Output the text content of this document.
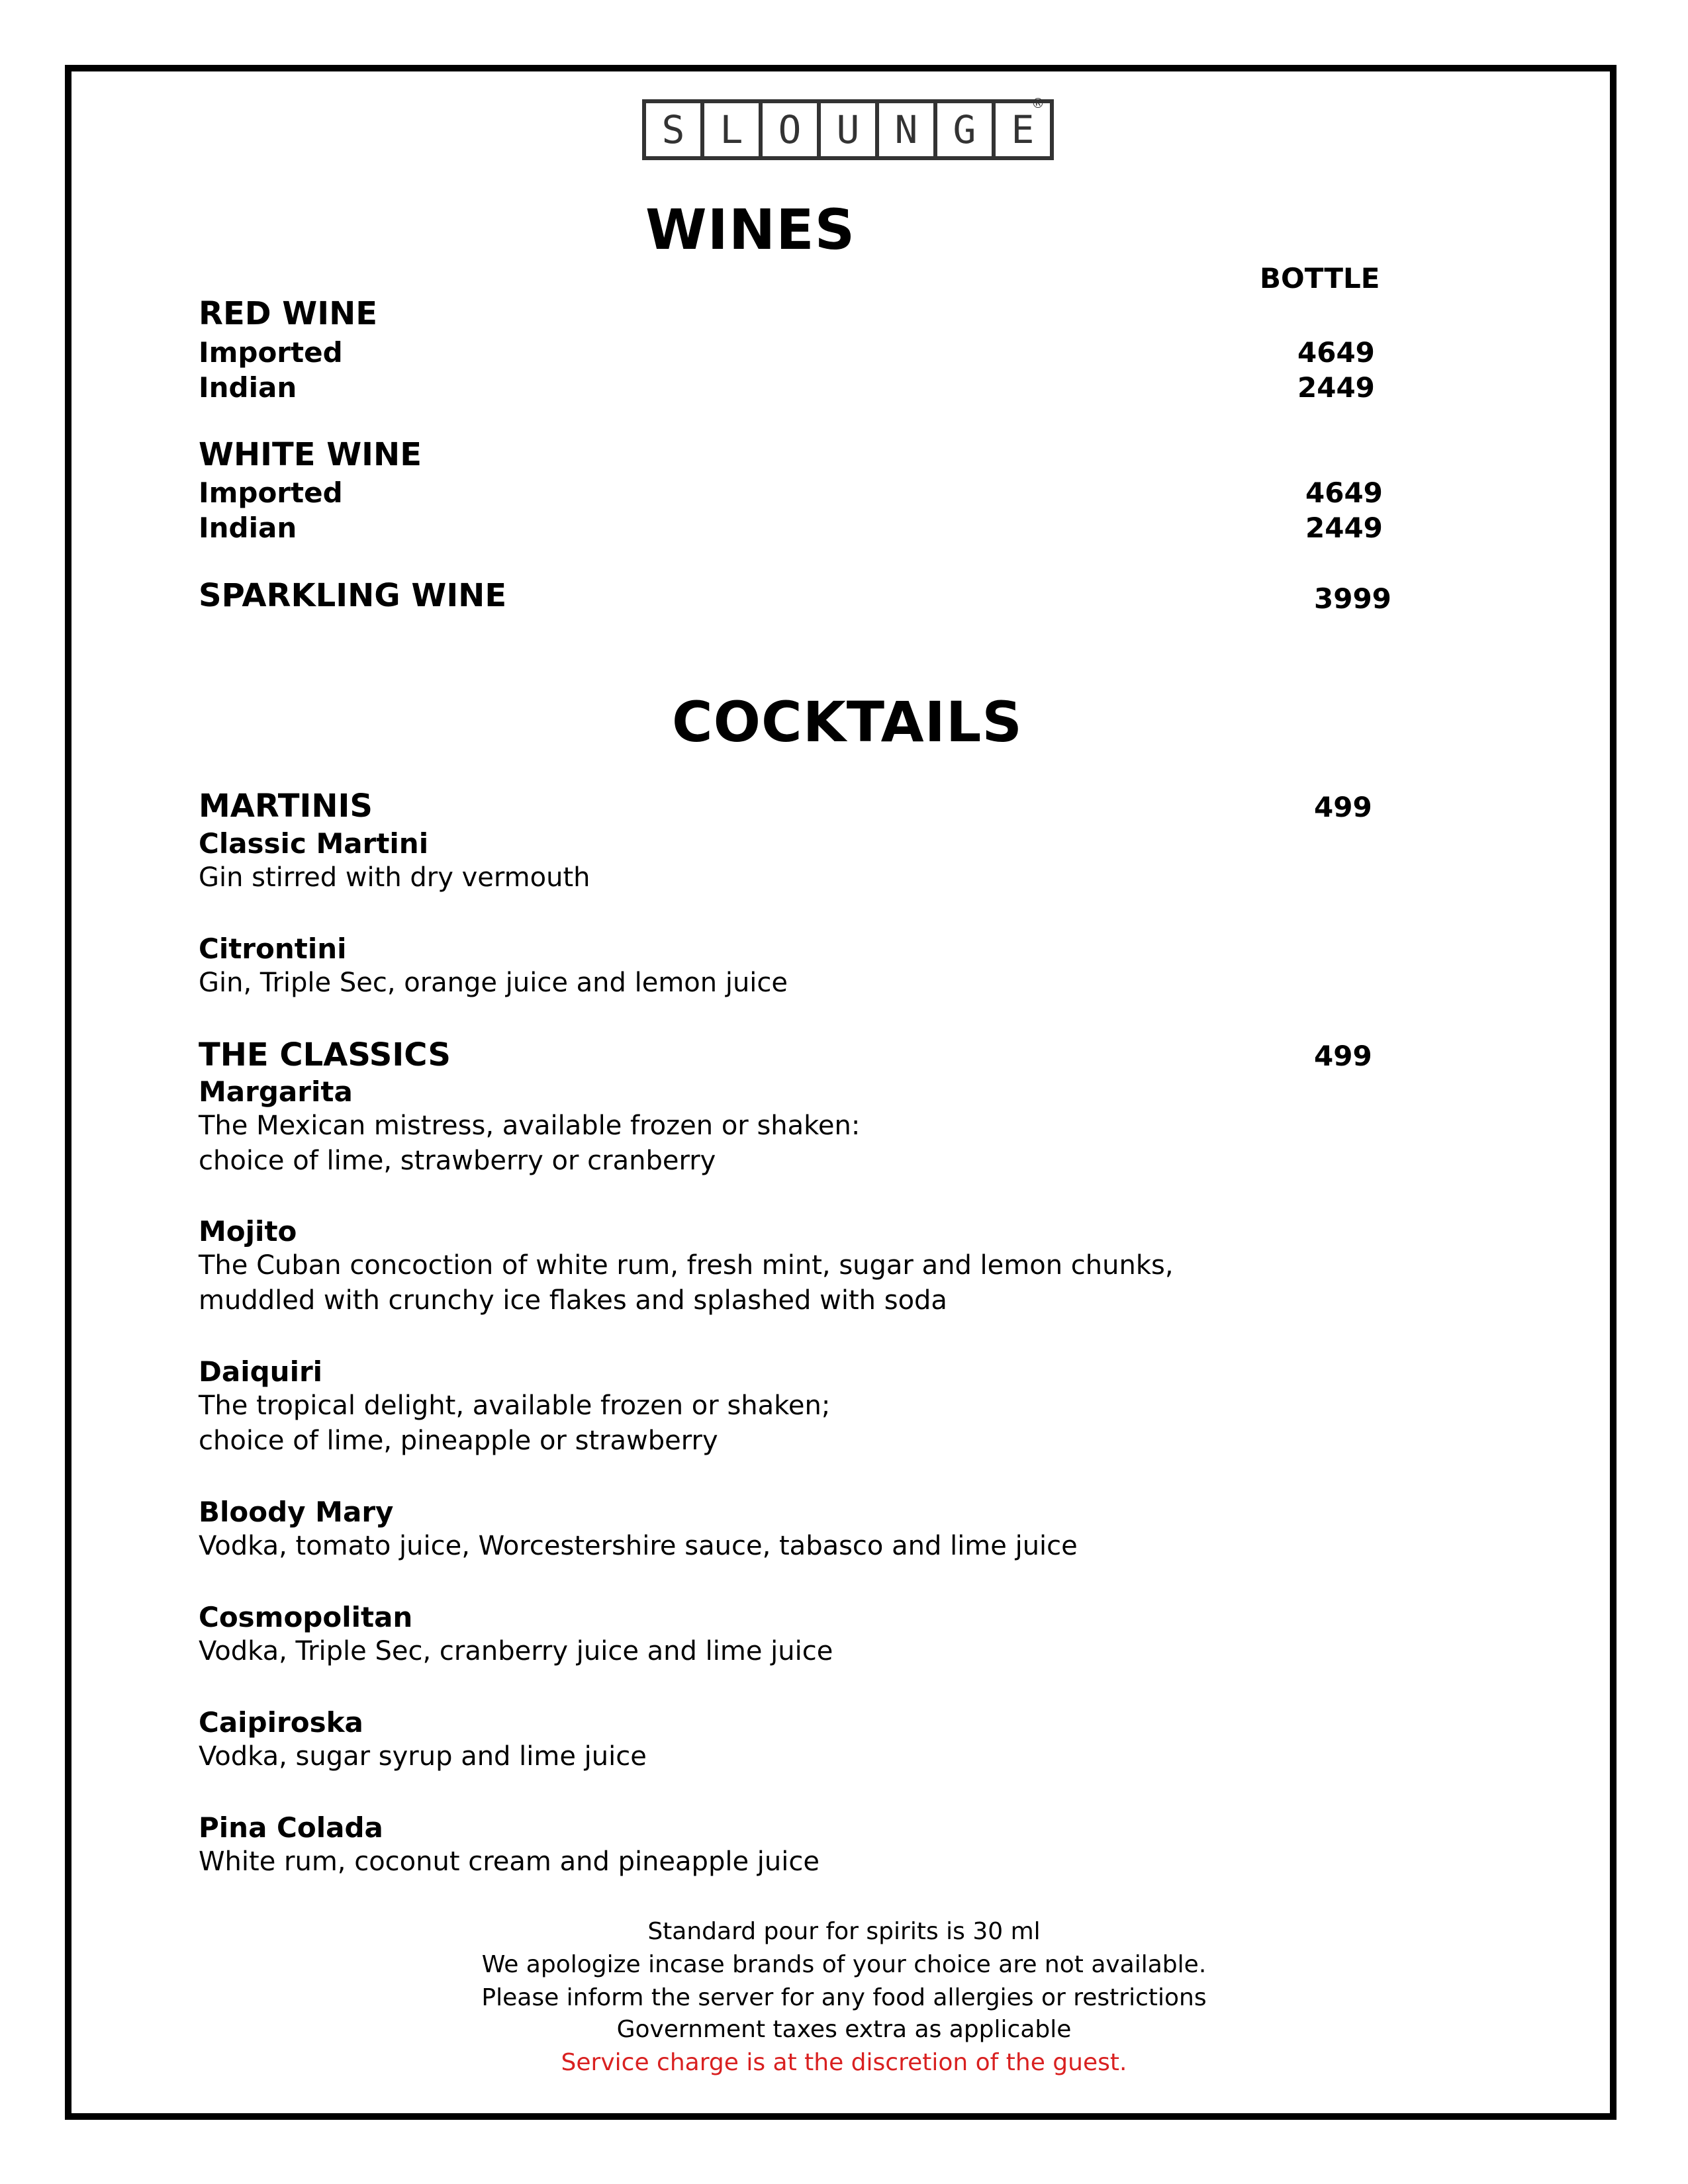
S L O U N G E
®
WINES
BOTTLE
RED WINE
Imported	4649
Indian	2449
WHITE WINE
Imported	4649
Indian	2449
SPARKLING WINE	3999
COCKTAILS
MARTINIS	499
Classic Martini
Gin stirred with dry vermouth
Citrontini
Gin, Triple Sec, orange juice and lemon juice
THE CLASSICS	499
Margarita
The Mexican mistress, available frozen or shaken:
choice of lime, strawberry or cranberry
Mojito
The Cuban concoction of white rum, fresh mint, sugar and lemon chunks,
muddled with crunchy ice flakes and splashed with soda
Daiquiri
The tropical delight, available frozen or shaken;
choice of lime, pineapple or strawberry
Bloody Mary
Vodka, tomato juice, Worcestershire sauce, tabasco and lime juice
Cosmopolitan
Vodka, Triple Sec, cranberry juice and lime juice
Caipiroska
Vodka, sugar syrup and lime juice
Pina Colada
White rum, coconut cream and pineapple juice
Standard pour for spirits is 30 ml
We apologize incase brands of your choice are not available.
Please inform the server for any food allergies or restrictions
Government taxes extra as applicable
Service charge is at the discretion of the guest.
